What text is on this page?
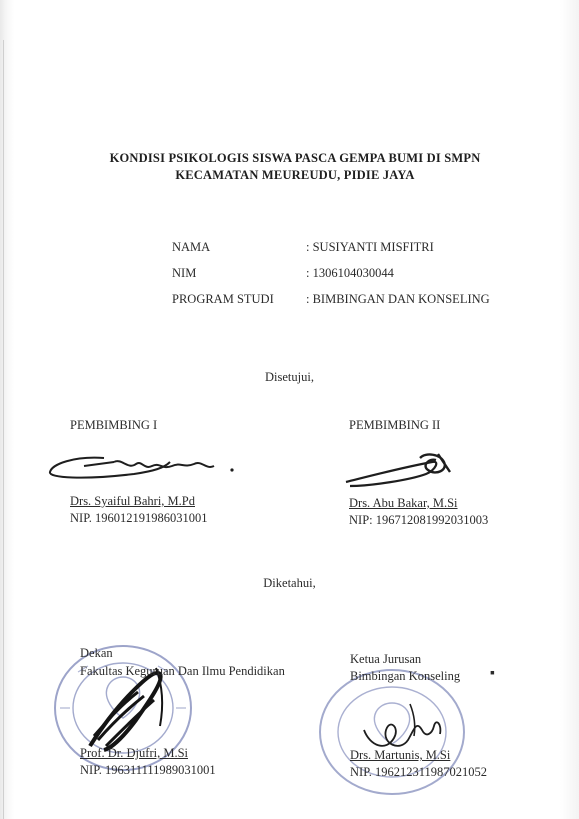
KONDISI PSIKOLOGIS SISWA PASCA GEMPA BUMI DI SMPN
KECAMATAN MEUREUDU, PIDIE JAYA
NAMA	: SUSIYANTI MISFITRI
NIM	: 1306104030044
PROGRAM STUDI	: BIMBINGAN DAN KONSELING
Disetujui,
PEMBIMBING I	PEMBIMBING II
Drs. Syaiful Bahri, M.Pd
NIP. 196012191986031001
Drs. Abu Bakar, M.Si
NIP: 196712081992031003
Diketahui,
Dekan
Fakultas Keguruan Dan Ilmu Pendidikan
Prof. Dr. Djufri, M.Si
NIP. 196311111989031001
Ketua Jurusan
Bimbingan Konseling ▪
Drs. Martunis, M.Si
NIP. 196212311987021052
